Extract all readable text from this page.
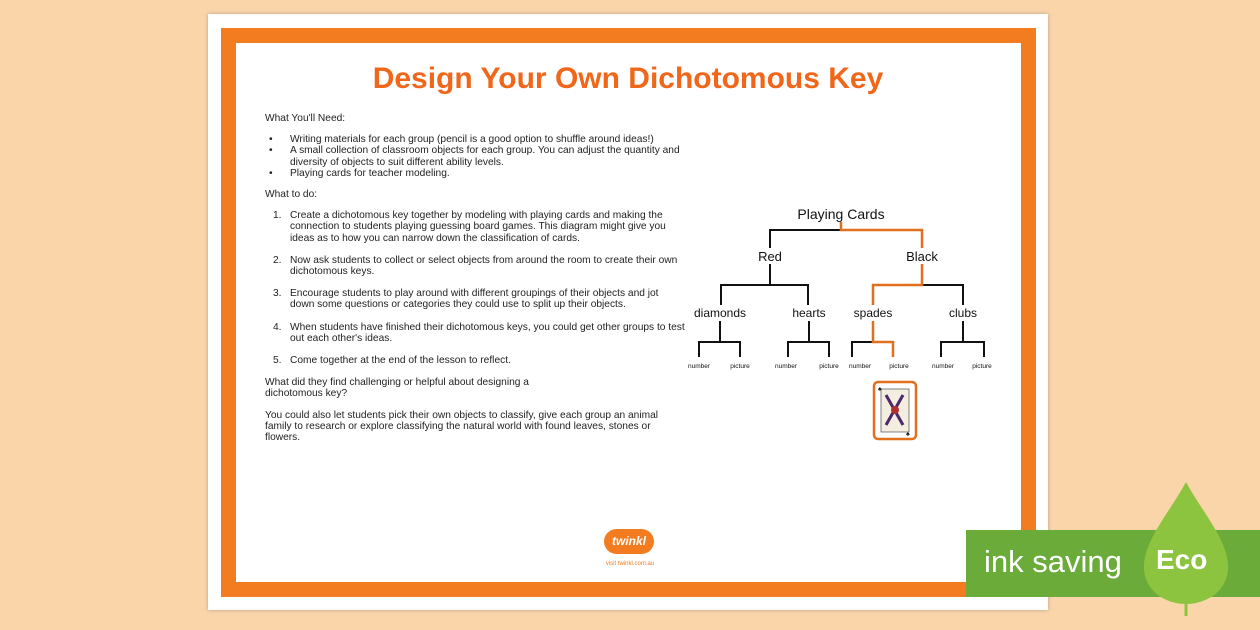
Design Your Own Dichotomous Key

What You'll Need:

• Writing materials for each group (pencil is a good option to shuffle around ideas!)
• A small collection of classroom objects for each group. You can adjust the quantity and diversity of objects to suit different ability levels.
• Playing cards for teacher modeling.

What to do:

1. Create a dichotomous key together by modeling with playing cards and making the connection to students playing guessing board games. This diagram might give you ideas as to how you can narrow down the classification of cards.
2. Now ask students to collect or select objects from around the room to create their own dichotomous keys.
3. Encourage students to play around with different groupings of their objects and jot down some questions or categories they could use to split up their objects.
4. When students have finished their dichotomous keys, you could get other groups to test out each other's ideas.
5. Come together at the end of the lesson to reflect.

What did they find challenging or helpful about designing a dichotomous key?

You could also let students pick their own objects to classify, give each group an animal family to research or explore classifying the natural world with found leaves, stones or flowers.

twinkl
visit twinkl.com.au
Playing Cards
Red	Black
diamonds	hearts spades	clubs
number	picture	number	picture number	picture	number	picture
♠
♠
ink saving Eco
